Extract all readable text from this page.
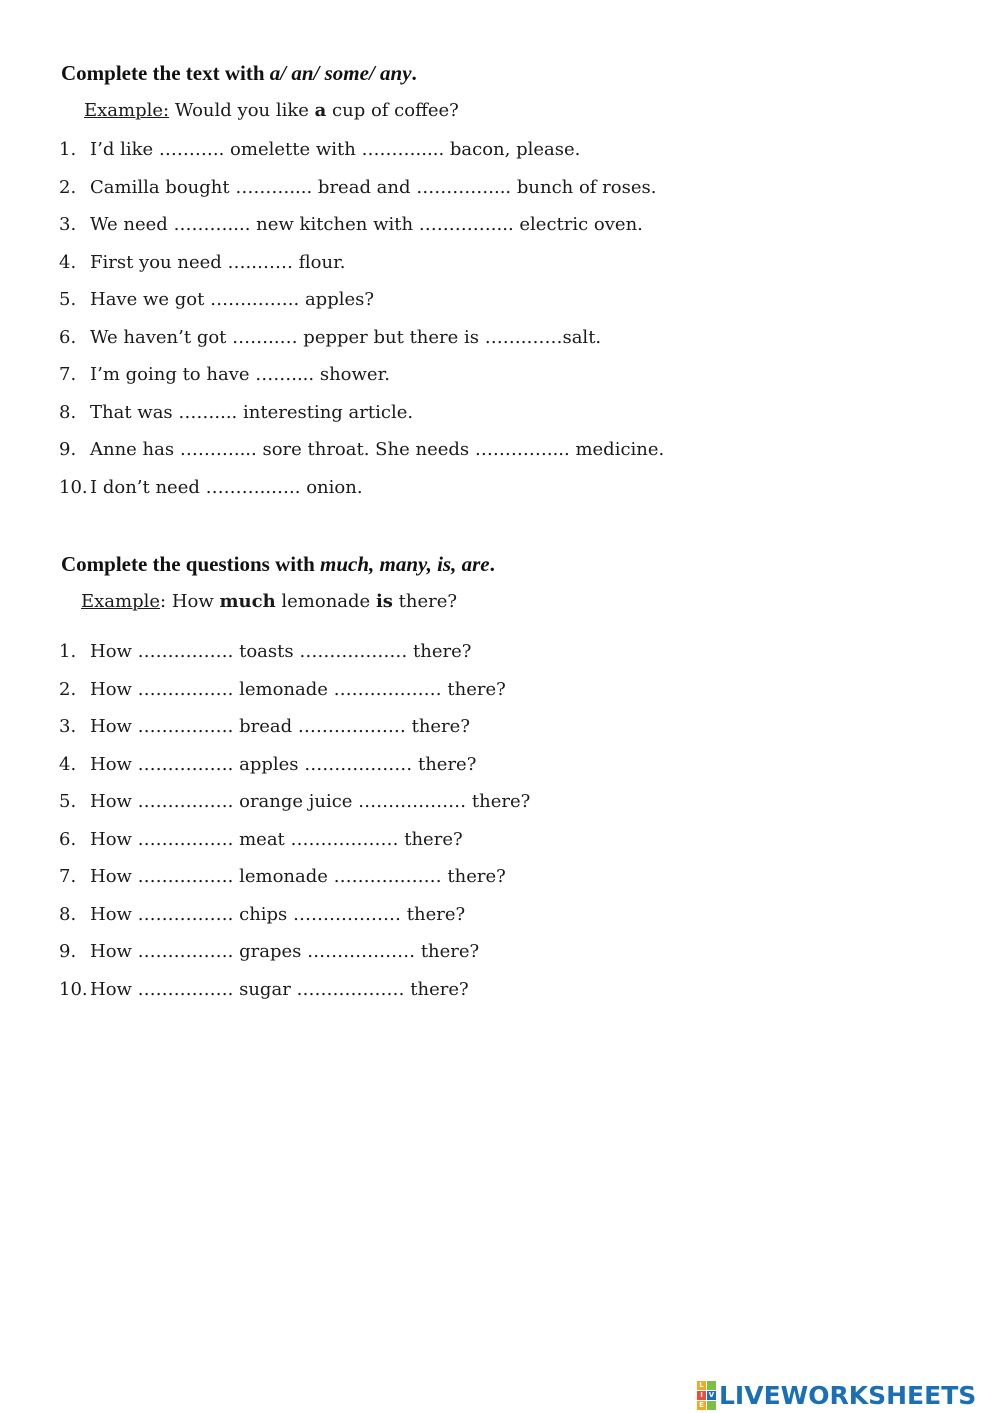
Complete the text with a/ an/ some/ any.
Example: Would you like a cup of coffee?
1. I’d like ……….. omelette with ………..... bacon, please.
2. Camilla bought ……….... bread and ………….... bunch of roses.
3. We need ……….... new kitchen with ………….... electric oven.
4. First you need …..…… flour.
5. Have we got …….…….. apples?
6. We haven’t got ……..… pepper but there is …….……salt.
7. I’m going to have …….... shower.
8. That was …….... interesting article.
9. Anne has ……….... sore throat. She needs ………….... medicine.
10. I don’t need ………..….. onion.
Complete the questions with much, many, is, are.
Example: How much lemonade is there?
1. How ……………. toasts ……………… there?
2. How ……………. lemonade ……………… there?
3. How ……………. bread ……………… there?
4. How ……………. apples ……………… there?
5. How ……………. orange juice ……………… there?
6. How ……………. meat ……………… there?
7. How ……………. lemonade ……………… there?
8. How ……………. chips ……………… there?
9. How ……………. grapes ……………… there?
10. How ……………. sugar ……………… there?
L
I V
E LIVEWORKSHEETS
